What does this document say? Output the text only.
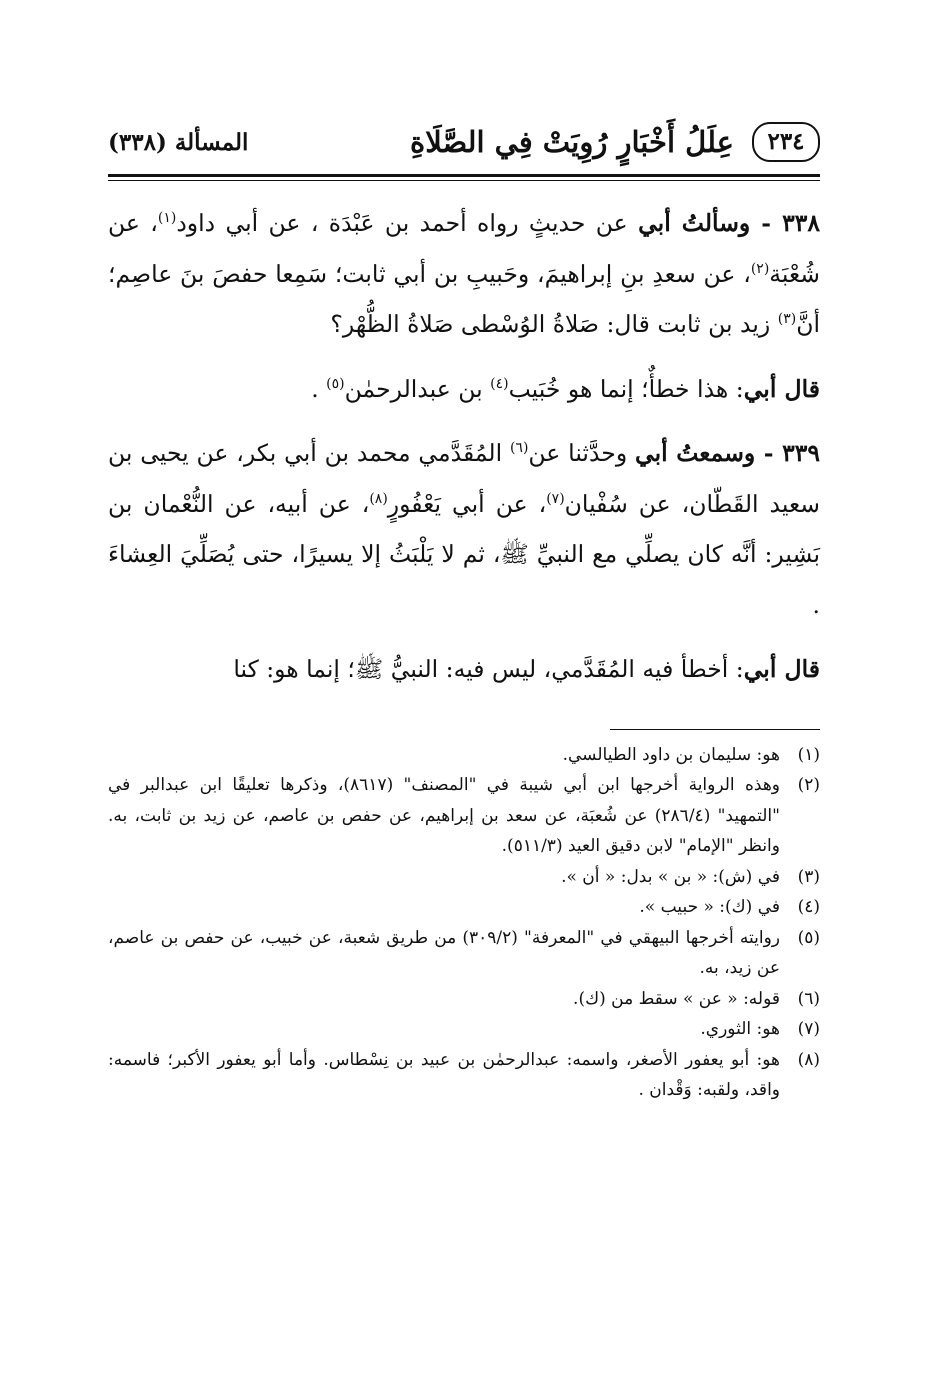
٢٣٤
عِلَلُ أَخْبَارٍ رُوِيَتْ فِي الصَّلَاةِ
المسألة (٣٣٨)

٣٣٨ - وسألتُ أبي عن حديثٍ رواه أحمد بن عَبْدَة ، عن أبي داود$^{(١)}$، عن شُعْبَة$^{(٢)}$، عن سعدِ بنِ إبراهيمَ، وحَبيبِ بن أبي ثابت؛ سَمِعا حفصَ بنَ عاصِم؛ أنَّ$^{(٣)}$ زيد بن ثابت قال: صَلاةُ الوُسْطى صَلاةُ الظُّهْر؟

قال أبي: هذا خطأٌ؛ إنما هو خُبَيب$^{(٤)}$ بن عبدالرحمٰن$^{(٥)}$ .

٣٣٩ - وسمعتُ أبي وحدَّثنا عن$^{(٦)}$ المُقَدَّمي محمد بن أبي بكر، عن يحيى بن سعيد القَطّان، عن سُفْيان$^{(٧)}$، عن أبي يَعْفُورٍ$^{(٨)}$، عن أبيه، عن النُّعْمان بن بَشِير: أنَّه كان يصلِّي مع النبيِّ ﷺ، ثم لا يَلْبَثُ إلا يسيرًا، حتى يُصَلِّيَ العِشاءَ .

قال أبي: أخطأ فيه المُقَدَّمي، ليس فيه: النبيُّ ﷺ؛ إنما هو: كنا

(١)
هو: سليمان بن داود الطيالسي.
(٢)
وهذه الرواية أخرجها ابن أبي شيبة في "المصنف" (٨٦١٧)، وذكرها تعليقًا ابن عبدالبر في "التمهيد" (٢٨٦/٤) عن شُعبَة، عن سعد بن إبراهيم، عن حفص بن عاصم، عن زيد بن ثابت، به. وانظر "الإمام" لابن دقيق العيد (٥١١/٣).
(٣)
في (ش): « بن » بدل: « أن ».
(٤)
في (ك): « حبيب ».
(٥)
روايته أخرجها البيهقي في "المعرفة" (٣٠٩/٢) من طريق شعبة، عن خبيب، عن حفص بن عاصم، عن زيد، به.
(٦)
قوله: « عن » سقط من (ك).
(٧)
هو: الثوري.
(٨)
هو: أبو يعفور الأصغر، واسمه: عبدالرحمٰن بن عبيد بن نِسْطاس. وأما أبو يعفور الأكبر؛ فاسمه: واقد، ولقبه: وَقْدان .
